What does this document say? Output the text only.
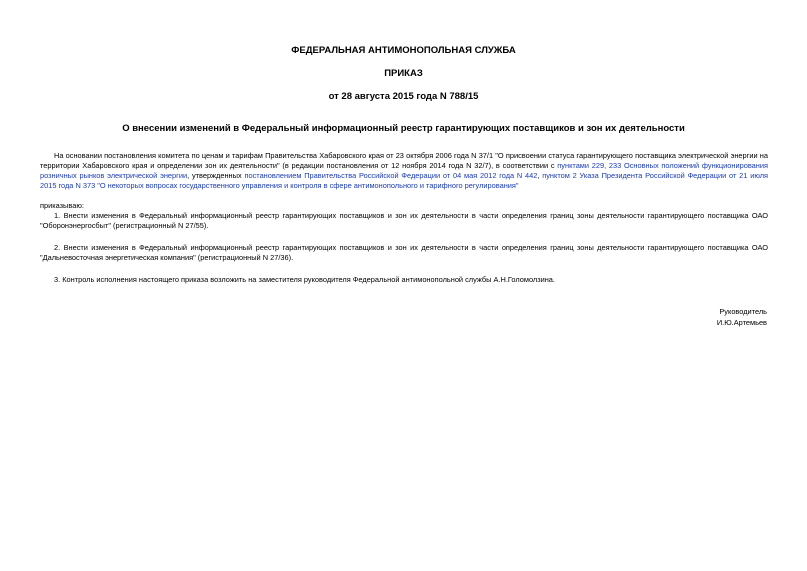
ФЕДЕРАЛЬНАЯ АНТИМОНОПОЛЬНАЯ СЛУЖБА
ПРИКАЗ
от 28 августа 2015 года N 788/15
О внесении изменений в Федеральный информационный реестр гарантирующих поставщиков и зон их деятельности
На основании постановления комитета по ценам и тарифам Правительства Хабаровского края от 23 октября 2006 года N 37/1 "О присвоении статуса гарантирующего поставщика электрической энергии на территории Хабаровского края и определении зон их деятельности" (в редакции постановления от 12 ноября 2014 года N 32/7), в соответствии с пунктами 229, 233 Основных положений функционирования розничных рынков электрической энергии, утвержденных постановлением Правительства Российской Федерации от 04 мая 2012 года N 442, пунктом 2 Указа Президента Российской Федерации от 21 июля 2015 года N 373 "О некоторых вопросах государственного управления и контроля в сфере антимонопольного и тарифного регулирования"
приказываю:
1. Внести изменения в Федеральный информационный реестр гарантирующих поставщиков и зон их деятельности в части определения границ зоны деятельности гарантирующего поставщика ОАО "Оборонэнергосбыт" (регистрационный N 27/55).
2. Внести изменения в Федеральный информационный реестр гарантирующих поставщиков и зон их деятельности в части определения границ зоны деятельности гарантирующего поставщика ОАО "Дальневосточная энергетическая компания" (регистрационный N 27/36).
3. Контроль исполнения настоящего приказа возложить на заместителя руководителя Федеральной антимонопольной службы А.Н.Голомолзина.
Руководитель
И.Ю.Артемьев
